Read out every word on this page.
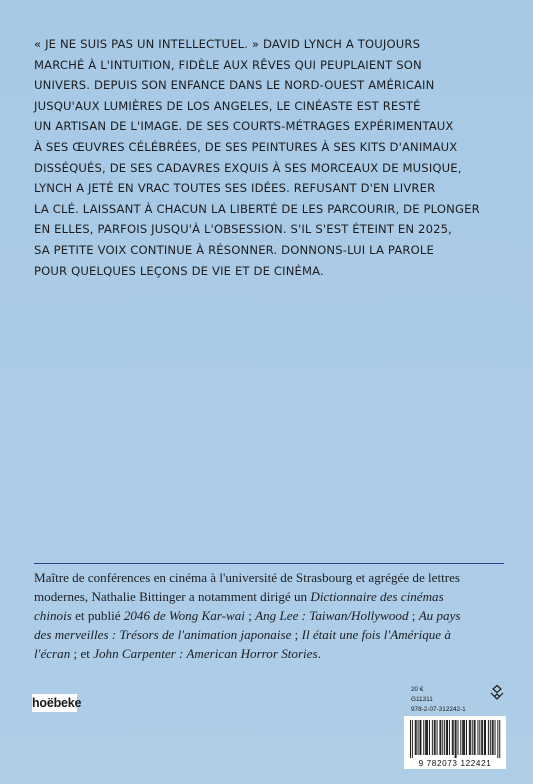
« JE NE SUIS PAS UN INTELLECTUEL. » DAVID LYNCH A TOUJOURS
MARCHÉ À L'INTUITION, FIDÈLE AUX RÊVES QUI PEUPLAIENT SON
UNIVERS. DEPUIS SON ENFANCE DANS LE NORD-OUEST AMÉRICAIN
JUSQU'AUX LUMIÈRES DE LOS ANGELES, LE CINÉASTE EST RESTÉ
UN ARTISAN DE L'IMAGE. DE SES COURTS-MÉTRAGES EXPÉRIMENTAUX
À SES ŒUVRES CÉLÉBRÉES, DE SES PEINTURES À SES KITS D'ANIMAUX
DISSÉQUÉS, DE SES CADAVRES EXQUIS À SES MORCEAUX DE MUSIQUE,
LYNCH A JETÉ EN VRAC TOUTES SES IDÉES. REFUSANT D'EN LIVRER
LA CLÉ. LAISSANT À CHACUN LA LIBERTÉ DE LES PARCOURIR, DE PLONGER
EN ELLES, PARFOIS JUSQU'À L'OBSESSION. S'IL S'EST ÉTEINT EN 2025,
SA PETITE VOIX CONTINUE À RÉSONNER. DONNONS-LUI LA PAROLE
POUR QUELQUES LEÇONS DE VIE ET DE CINÉMA.

Maître de conférences en cinéma à l'université de Strasbourg et agrégée de lettres
modernes, Nathalie Bittinger a notamment dirigé un Dictionnaire des cinémas
chinois et publié 2046 de Wong Kar-wai ; Ang Lee : Taiwan/Hollywood ; Au pays
des merveilles : Trésors de l'animation japonaise ; Il était une fois l'Amérique à
l'écran ; et John Carpenter : American Horror Stories.

hoëbeke
20 €
G11311
978-2-07-312242-1
9 782073 122421
